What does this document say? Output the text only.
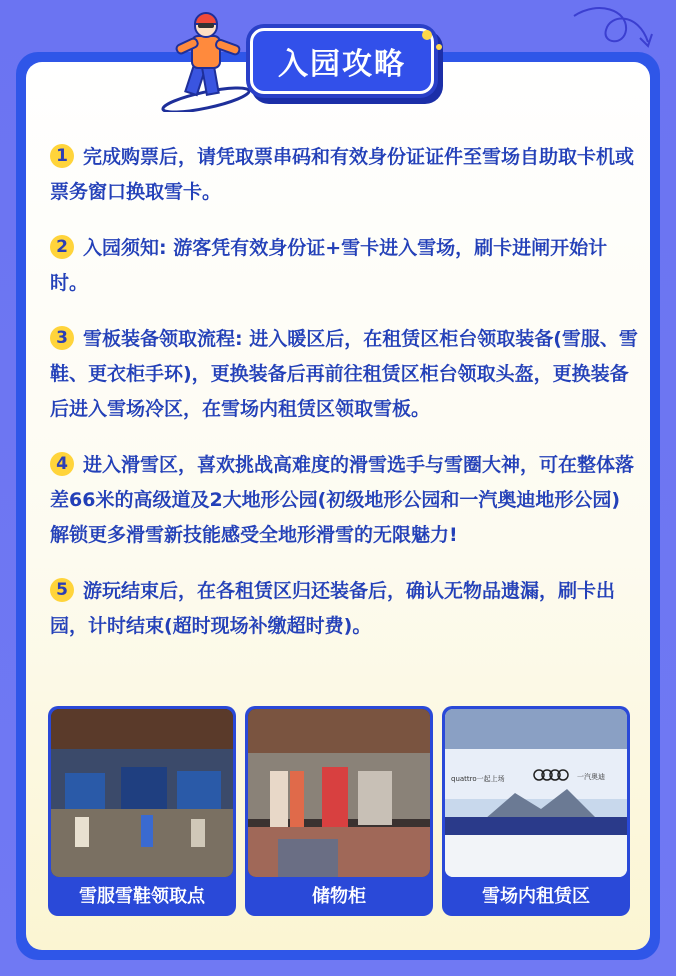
入园攻略
1 完成购票后，请凭取票串码和有效身份证证件至雪场自助取卡机或票务窗口换取雪卡。
2 入园须知: 游客凭有效身份证+雪卡进入雪场，刷卡进闸开始计时。
3 雪板装备领取流程: 进入暖区后，在租赁区柜台领取装备(雪服、雪鞋、更衣柜手环)，更换装备后再前往租赁区柜台领取头盔，更换装备后进入雪场冷区，在雪场内租赁区领取雪板。
4 进入滑雪区，喜欢挑战高难度的滑雪选手与雪圈大神，可在整体落差66米的高级道及2大地形公园(初级地形公园和一汽奥迪地形公园)解锁更多滑雪新技能感受全地形滑雪的无限魅力!
5 游玩结束后，在各租赁区归还装备后，确认无物品遗漏，刷卡出园，计时结束(超时现场补缴超时费)。
雪服雪鞋领取点	储物柜
quattro一起上场	一汽奥迪
雪场内租赁区
